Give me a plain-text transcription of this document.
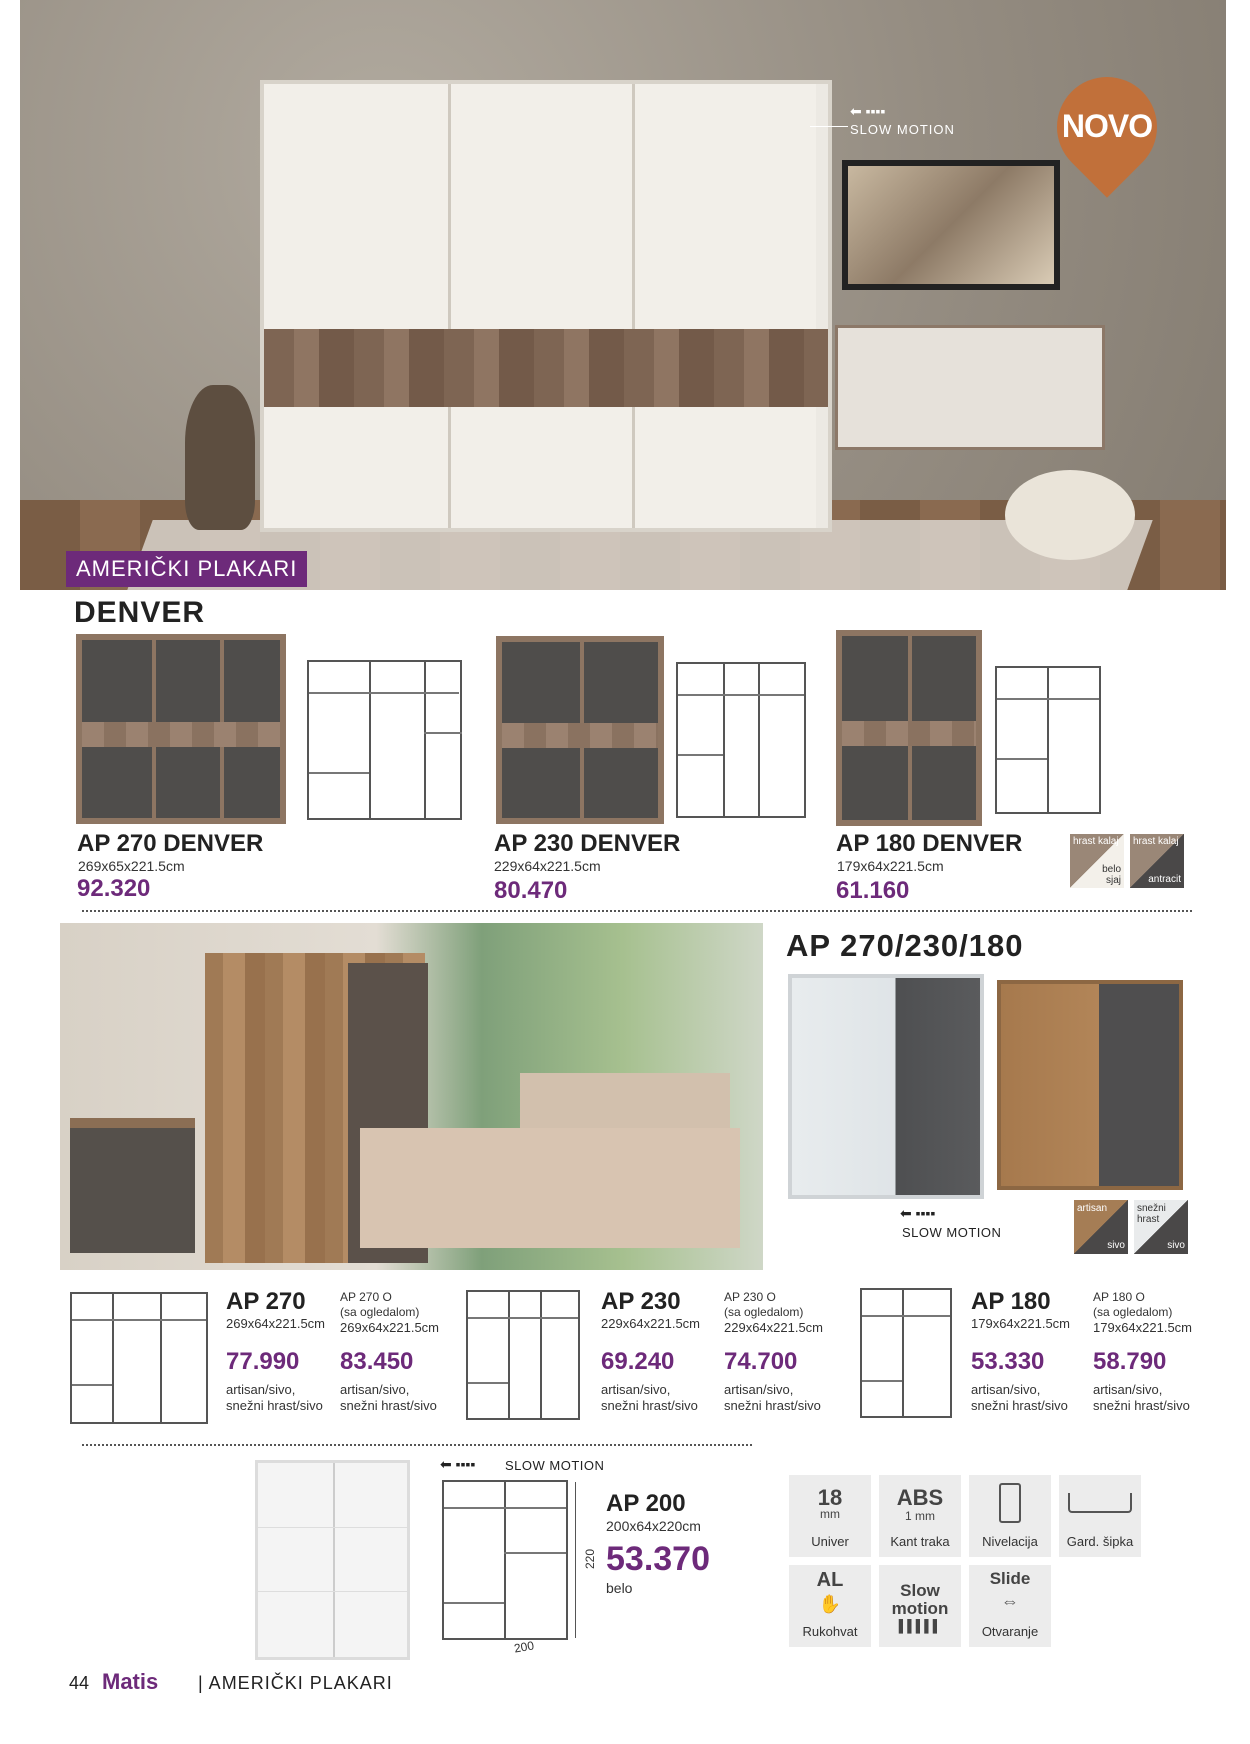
⬅ ▪▪▪▪
SLOW MOTION	NOVO
AMERIČKI PLAKARI
DENVER
AP 270 DENVER
269x65x221.5cm
92.320
AP 230 DENVER
229x64x221.5cm
80.470
AP 180 DENVER
179x64x221.5cm
61.160
hrast kalaj
belo sjaj
hrast kalaj
antracit
AP 270/230/180
⬅ ▪▪▪▪
SLOW MOTION
artisan
sivo
snežni hrast
sivo
AP 270
269x64x221.5cm
77.990
artisan/sivo,
snežni hrast/sivo
AP 270 O
(sa ogledalom)
269x64x221.5cm
83.450
artisan/sivo,
snežni hrast/sivo
AP 230
229x64x221.5cm
69.240
artisan/sivo,
snežni hrast/sivo
AP 230 O
(sa ogledalom)
229x64x221.5cm
74.700
artisan/sivo,
snežni hrast/sivo
AP 180
179x64x221.5cm
53.330
artisan/sivo,
snežni hrast/sivo
AP 180 O
(sa ogledalom)
179x64x221.5cm
58.790
artisan/sivo,
snežni hrast/sivo
⬅ ▪▪▪▪ SLOW MOTION
220
200
AP 200
200x64x220cm
53.370
belo
18
mm
Univer
ABS
1 mm
Kant traka	Nivelacija	Gard. šipka
AL
✋
Rukohvat
Slow
motion
▌▌▌▌▌
Slide
⇔
Otvaranje
44 Matis | AMERIČKI PLAKARI
